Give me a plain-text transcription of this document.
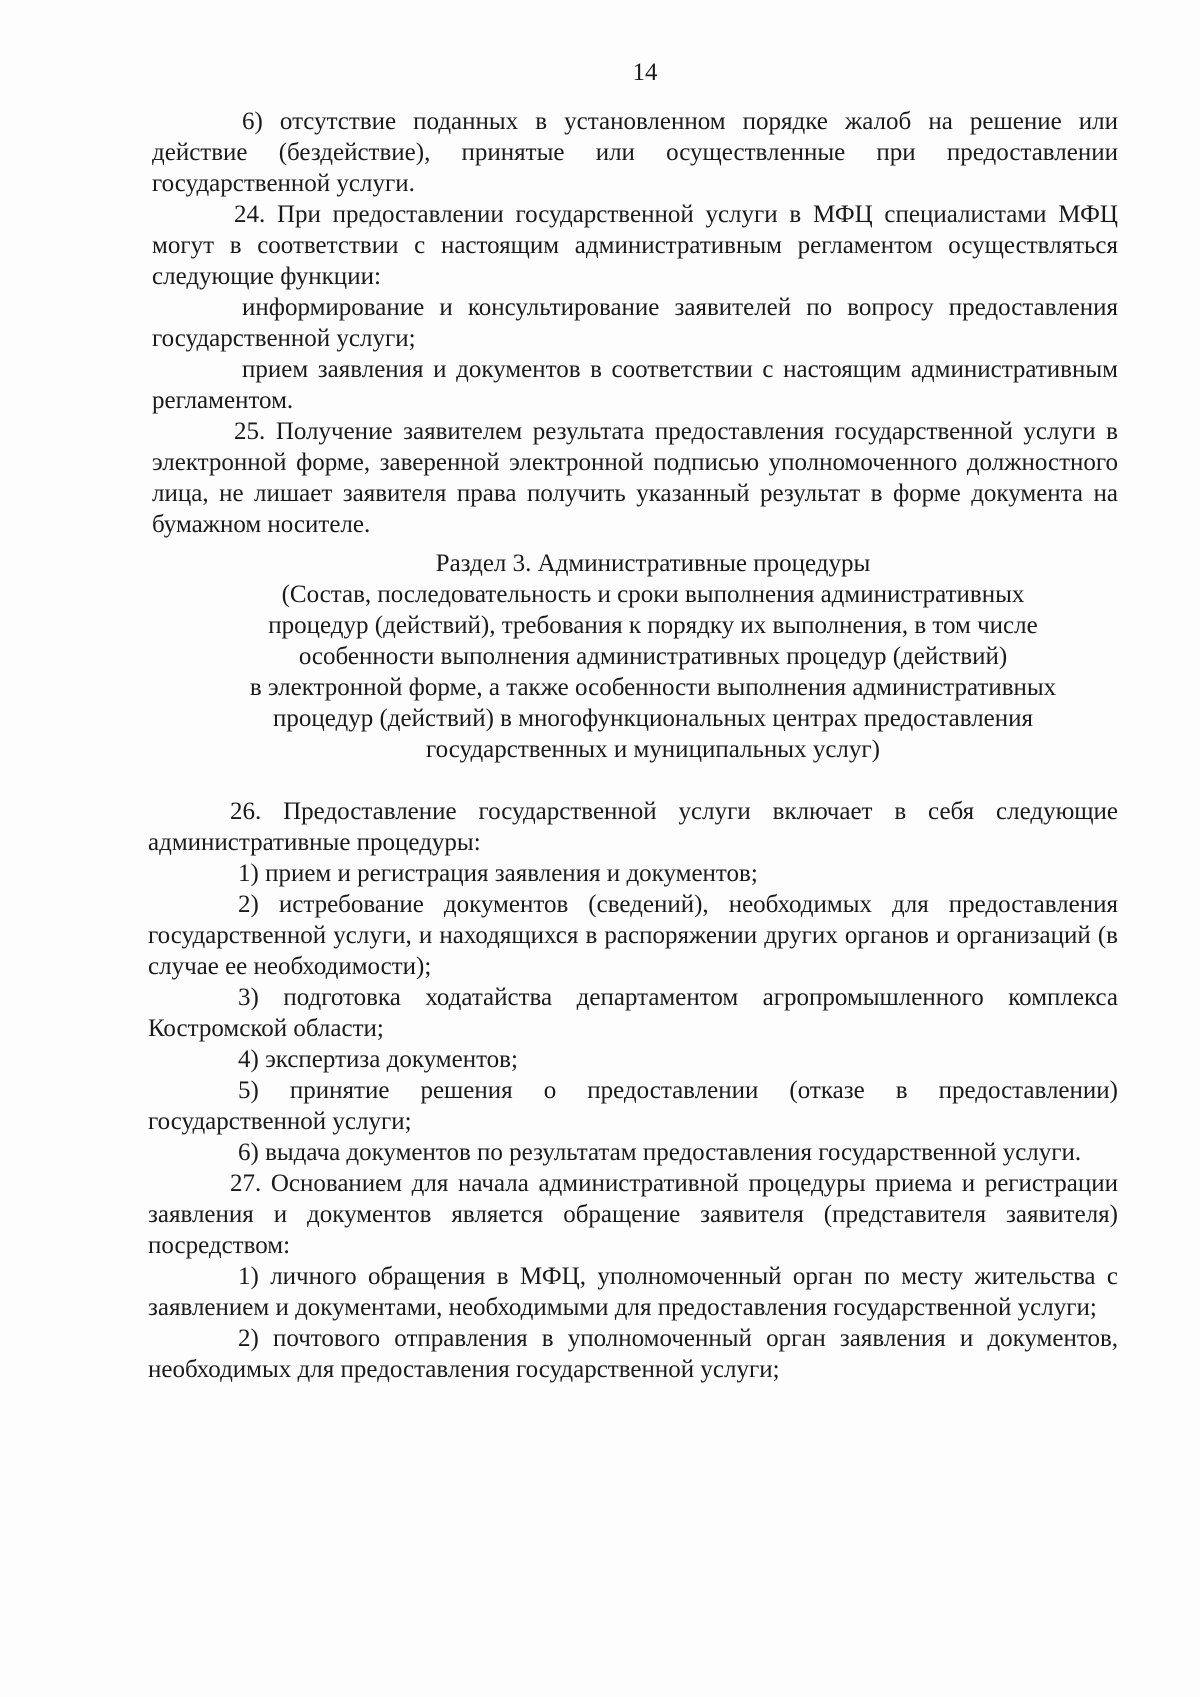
14

6) отсутствие поданных в установленном порядке жалоб на решение или действие (бездействие), принятые или осуществленные при предоставлении государственной услуги.

24. При предоставлении государственной услуги в МФЦ специалистами МФЦ могут в соответствии с настоящим административным регламентом осуществляться следующие функции:

информирование и консультирование заявителей по вопросу предоставления государственной услуги;

прием заявления и документов в соответствии с настоящим административным регламентом.

25. Получение заявителем результата предоставления государственной услуги в электронной форме, заверенной электронной подписью уполномоченного должностного лица, не лишает заявителя права получить указанный результат в форме документа на бумажном носителе.

Раздел 3. Административные процедуры
(Состав, последовательность и сроки выполнения административных
процедур (действий), требования к порядку их выполнения, в том числе
особенности выполнения административных процедур (действий)
в электронной форме, а также особенности выполнения административных
процедур (действий) в многофункциональных центрах предоставления
государственных и муниципальных услуг)

26. Предоставление государственной услуги включает в себя следующие административные процедуры:

1) прием и регистрация заявления и документов;

2) истребование документов (сведений), необходимых для предоставления государственной услуги, и находящихся в распоряжении других органов и организаций (в случае ее необходимости);

3) подготовка ходатайства департаментом агропромышленного комплекса Костромской области;

4) экспертиза документов;

5) принятие решения о предоставлении (отказе в предоставлении) государственной услуги;

6) выдача документов по результатам предоставления государственной услуги.

27. Основанием для начала административной процедуры приема и регистрации заявления и документов является обращение заявителя (представителя заявителя) посредством:

1) личного обращения в МФЦ, уполномоченный орган по месту жительства с заявлением и документами, необходимыми для предоставления государственной услуги;

2) почтового отправления в уполномоченный орган заявления и документов, необходимых для предоставления государственной услуги;
